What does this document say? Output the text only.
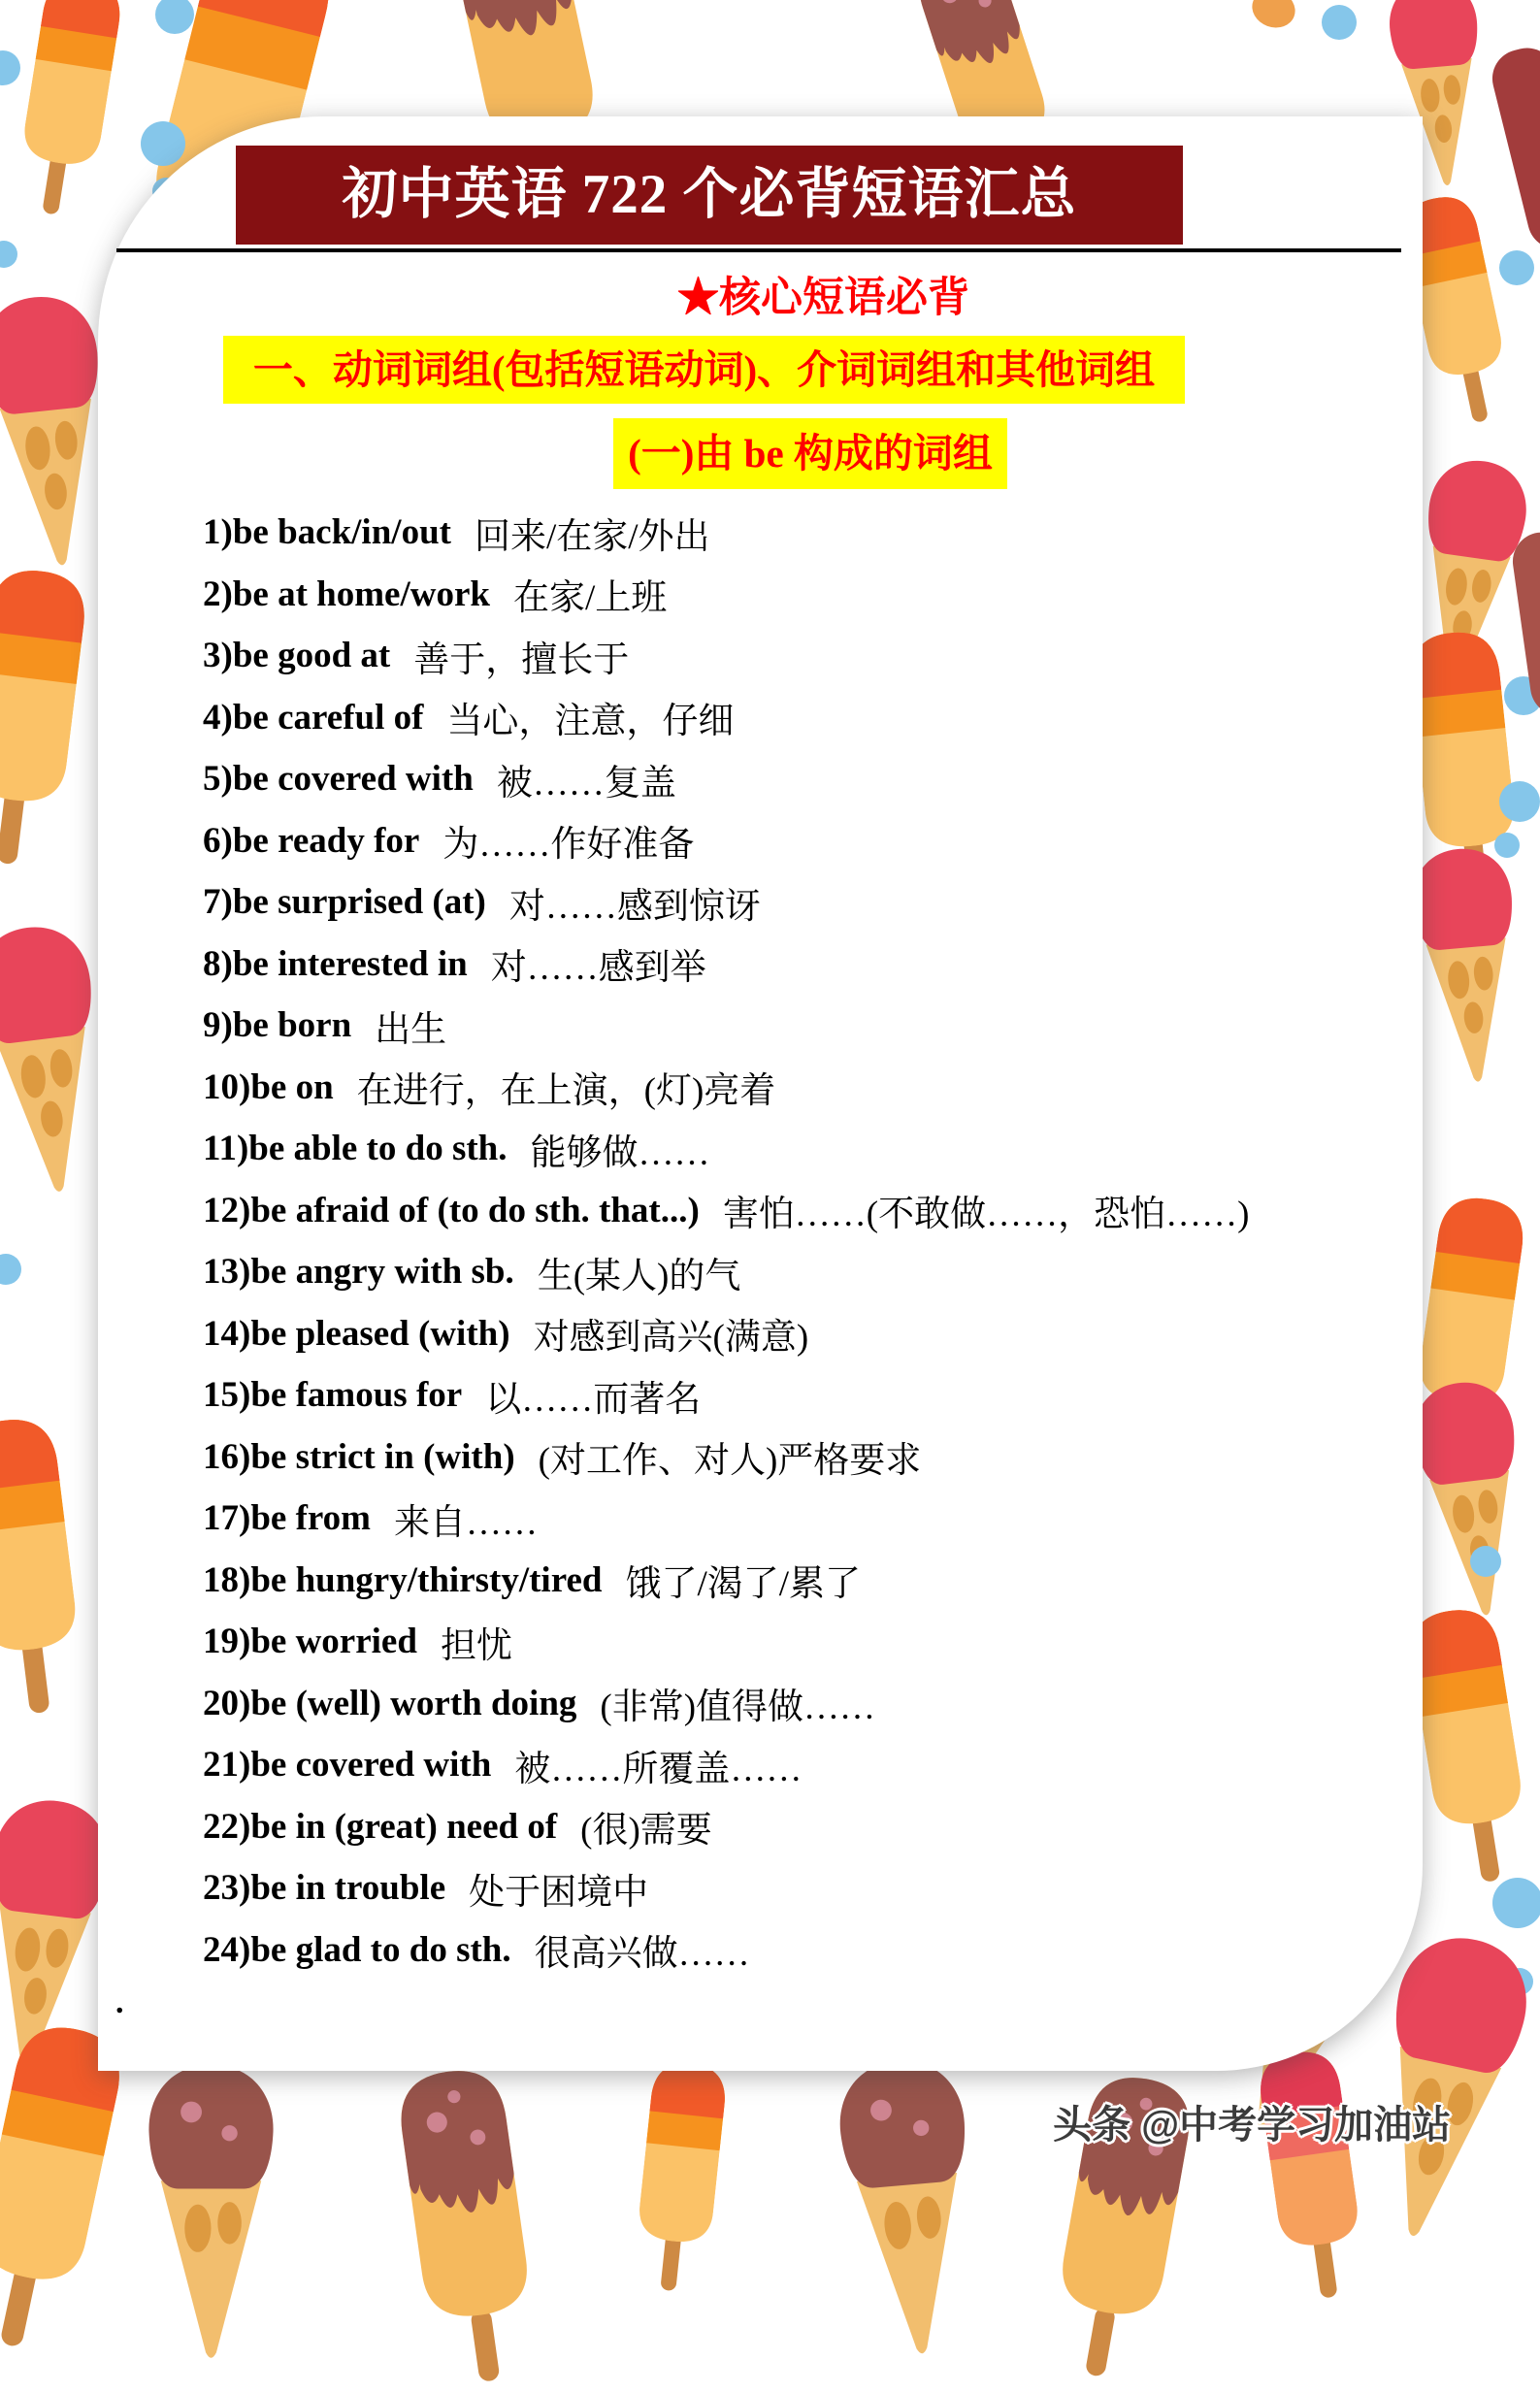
初中英语 722 个必背短语汇总
★核心短语必背
一、动词词组(包括短语动词)、介词词组和其他词组
(一)由 be 构成的词组
1) be back/in/out 回来/在家/外出
2) be at home/work 在家/上班
3) be good at 善于，擅长于
4) be careful of 当心，注意，仔细
5) be covered with 被……复盖
6) be ready for 为……作好准备
7) be surprised (at) 对……感到惊讶
8) be interested in 对……感到举
9) be born 出生
10) be on 在进行，在上演，(灯)亮着
11) be able to do sth. 能够做……
12) be afraid of (to do sth. that...) 害怕……(不敢做……，恐怕……)
13) be angry with sb. 生(某人)的气
14) be pleased (with) 对感到高兴(满意)
15) be famous for 以……而著名
16) be strict in (with) (对工作、对人)严格要求
17) be from 来自……
18) be hungry/thirsty/tired 饿了/渴了/累了
19) be worried 担忧
20) be (well) worth doing (非常)值得做……
21) be covered with 被……所覆盖……
22) be in (great) need of (很)需要
23) be in trouble 处于困境中
24) be glad to do sth. 很高兴做……
.
头条 @中考学习加油站
